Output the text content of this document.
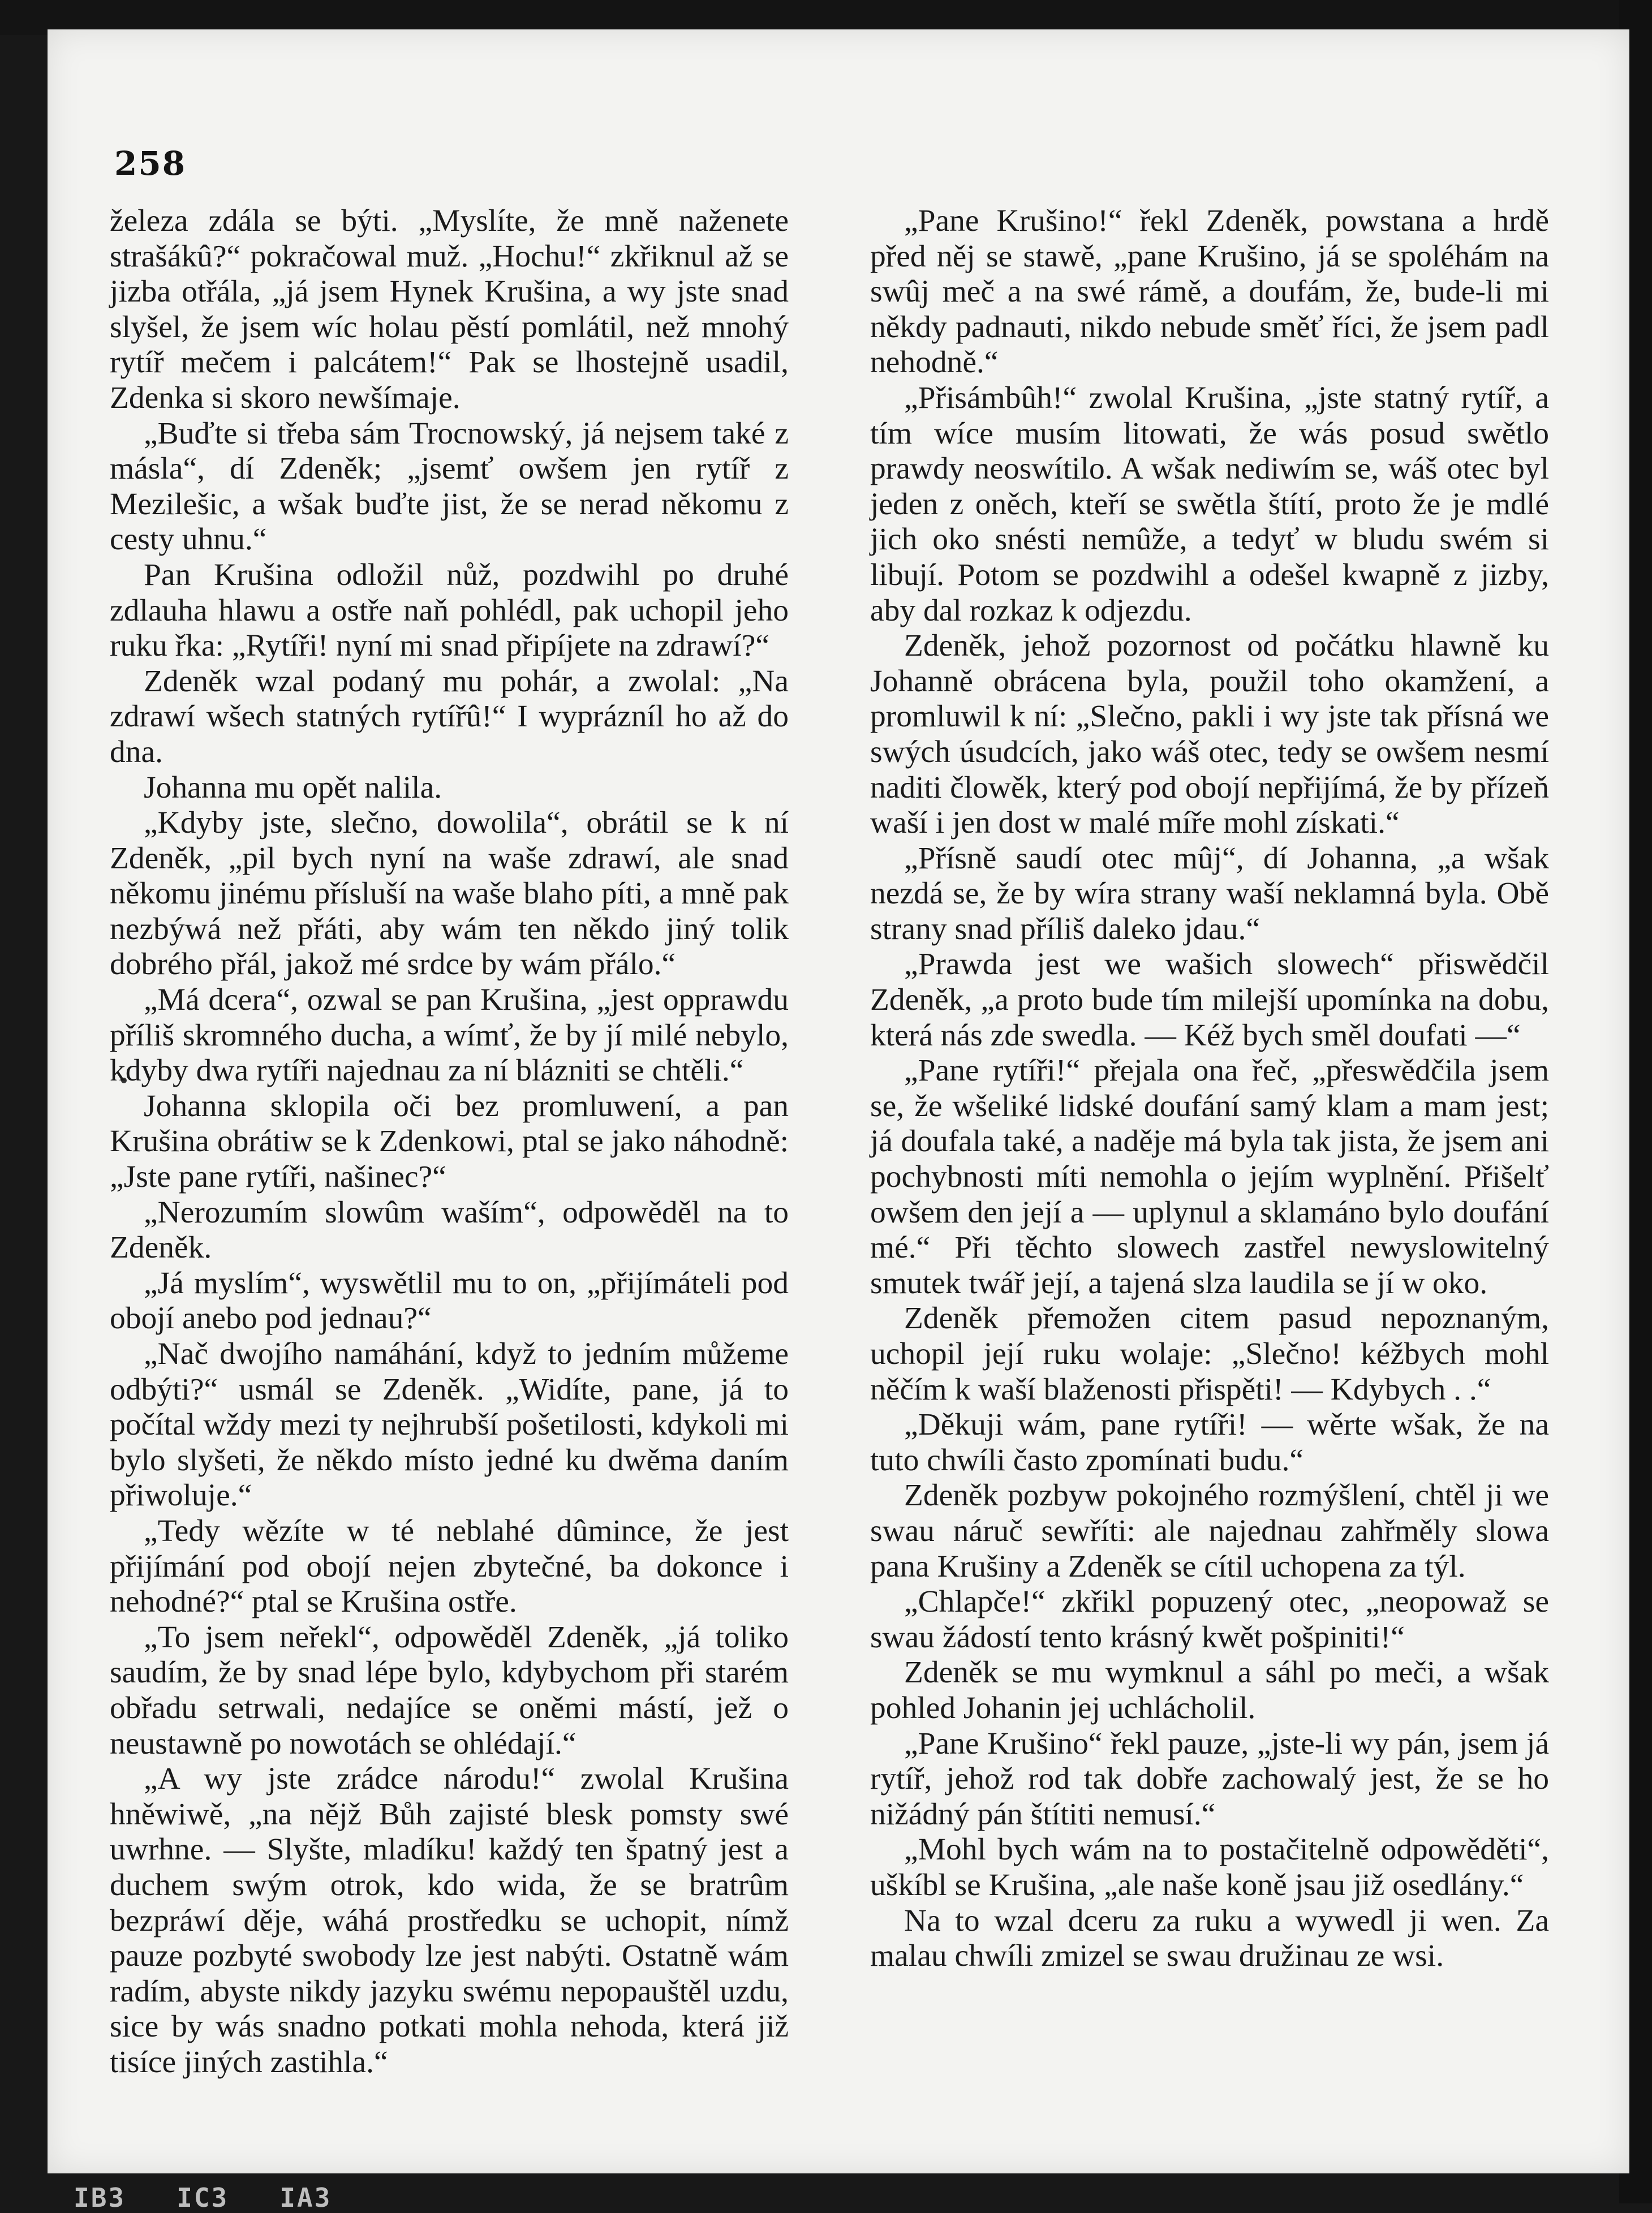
258

železa zdála se býti. „Myslíte, že mně naženete strašákû?“ pokračowal muž. „Hochu!“ zkřiknul až se jizba otřála, „já jsem Hynek Krušina, a wy jste snad slyšel, že jsem wíc holau pěstí pomlátil, než mnohý rytíř mečem i palcátem!“ Pak se lhostejně usadil, Zdenka si skoro newšímaje.

„Buďte si třeba sám Trocnowský, já nejsem také z másla“, dí Zdeněk; „jsemť owšem jen rytíř z Mezilešic, a wšak buďte jist, že se nerad někomu z cesty uhnu.“

Pan Krušina odložil nůž, pozdwihl po druhé zdlauha hlawu a ostře naň pohlédl, pak uchopil jeho ruku řka: „Rytíři! nyní mi snad připíjete na zdrawí?“

Zdeněk wzal podaný mu pohár, a zwolal: „Na zdrawí wšech statných rytířû!“ I wyprázníl ho až do dna.

Johanna mu opět nalila.

„Kdyby jste, slečno, dowolila“, obrátil se k ní Zdeněk, „pil bych nyní na waše zdrawí, ale snad někomu jinému přísluší na waše blaho píti, a mně pak nezbýwá než přáti, aby wám ten někdo jiný tolik dobrého přál, jakož mé srdce by wám přálo.“

„Má dcera“, ozwal se pan Krušina, „jest opprawdu příliš skromného ducha, a wímť, že by jí milé nebylo, kdyby dwa rytíři najednau za ní blázniti se chtěli.“

Johanna sklopila oči bez promluwení, a pan Krušina obrátiw se k Zdenkowi, ptal se jako náhodně: „Jste pane rytíři, našinec?“

„Nerozumím slowûm waším“, odpowěděl na to Zdeněk.

„Já myslím“, wyswětlil mu to on, „přijímáteli pod obojí anebo pod jednau?“

„Nač dwojího namáhání, když to jedním můžeme odbýti?“ usmál se Zdeněk. „Widíte, pane, já to počítal wždy mezi ty nejhrubší pošetilosti, kdykoli mi bylo slyšeti, že někdo místo jedné ku dwěma daním přiwoluje.“

„Tedy wězíte w té neblahé dûmince, že jest přijímání pod obojí nejen zbytečné, ba dokonce i nehodné?“ ptal se Krušina ostře.

„To jsem neřekl“, odpowěděl Zdeněk, „já toliko saudím, že by snad lépe bylo, kdybychom při starém obřadu setrwali, nedajíce se oněmi mástí, jež o neustawně po nowotách se ohlédají.“

„A wy jste zrádce národu!“ zwolal Krušina hněwiwě, „na nějž Bůh zajisté blesk pomsty swé uwrhne. — Slyšte, mladíku! každý ten špatný jest a duchem swým otrok, kdo wida, že se bratrûm bezpráwí děje, wáhá prostředku se uchopit, nímž pauze pozbyté swobody lze jest nabýti. Ostatně wám radím, abyste nikdy jazyku swému nepopauštěl uzdu, sice by wás snadno potkati mohla nehoda, která již tisíce jiných zastihla.“

„Pane Krušino!“ řekl Zdeněk, powstana a hrdě před něj se stawě, „pane Krušino, já se spoléhám na swûj meč a na swé rámě, a doufám, že, bude-li mi někdy padnauti, nikdo nebude směť říci, že jsem padl nehodně.“

„Přisámbûh!“ zwolal Krušina, „jste statný rytíř, a tím wíce musím litowati, že wás posud swětlo prawdy neoswítilo. A wšak nediwím se, wáš otec byl jeden z oněch, kteří se swětla štítí, proto že je mdlé jich oko snésti nemûže, a tedyť w bludu swém si libují. Potom se pozdwihl a odešel kwapně z jizby, aby dal rozkaz k odjezdu.

Zdeněk, jehož pozornost od počátku hlawně ku Johanně obrácena byla, použil toho okamžení, a promluwil k ní: „Slečno, pakli i wy jste tak přísná we swých úsudcích, jako wáš otec, tedy se owšem nesmí naditi člowěk, který pod obojí nepřijímá, že by přízeň waší i jen dost w malé míře mohl získati.“

„Přísně saudí otec mûj“, dí Johanna, „a wšak nezdá se, že by wíra strany waší neklamná byla. Obě strany snad příliš daleko jdau.“

„Prawda jest we wašich slowech“ přiswědčil Zdeněk, „a proto bude tím milejší upomínka na dobu, která nás zde swedla. — Kéž bych směl doufati —“

„Pane rytíři!“ přejala ona řeč, „přeswědčila jsem se, že wšeliké lidské doufání samý klam a mam jest; já doufala také, a naděje má byla tak jista, že jsem ani pochybnosti míti nemohla o jejím wyplnění. Přišelť owšem den její a — uplynul a sklamáno bylo doufání mé.“ Při těchto slowech zastřel newyslowitelný smutek twář její, a tajená slza laudila se jí w oko.

Zdeněk přemožen citem pasud nepoznaným, uchopil její ruku wolaje: „Slečno! kéžbych mohl něčím k waší blaženosti přispěti! — Kdybych . .“

„Děkuji wám, pane rytíři! — wěrte wšak, že na tuto chwíli často zpomínati budu.“

Zdeněk pozbyw pokojného rozmýšlení, chtěl ji we swau náruč sewříti: ale najednau zahřměly slowa pana Krušiny a Zdeněk se cítil uchopena za týl.

„Chlapče!“ zkřikl popuzený otec, „neopowaž se swau žádostí tento krásný kwět pošpiniti!“

Zdeněk se mu wymknul a sáhl po meči, a wšak pohled Johanin jej uchlácholil.

„Pane Krušino“ řekl pauze, „jste-li wy pán, jsem já rytíř, jehož rod tak dobře zachowalý jest, že se ho nižádný pán štítiti nemusí.“

„Mohl bych wám na to postačitelně odpowěděti“, uškíbl se Krušina, „ale naše koně jsau již osedlány.“

Na to wzal dceru za ruku a wywedl ji wen. Za malau chwíli zmizel se swau družinau ze wsi.

IB3 IC3 IA3
